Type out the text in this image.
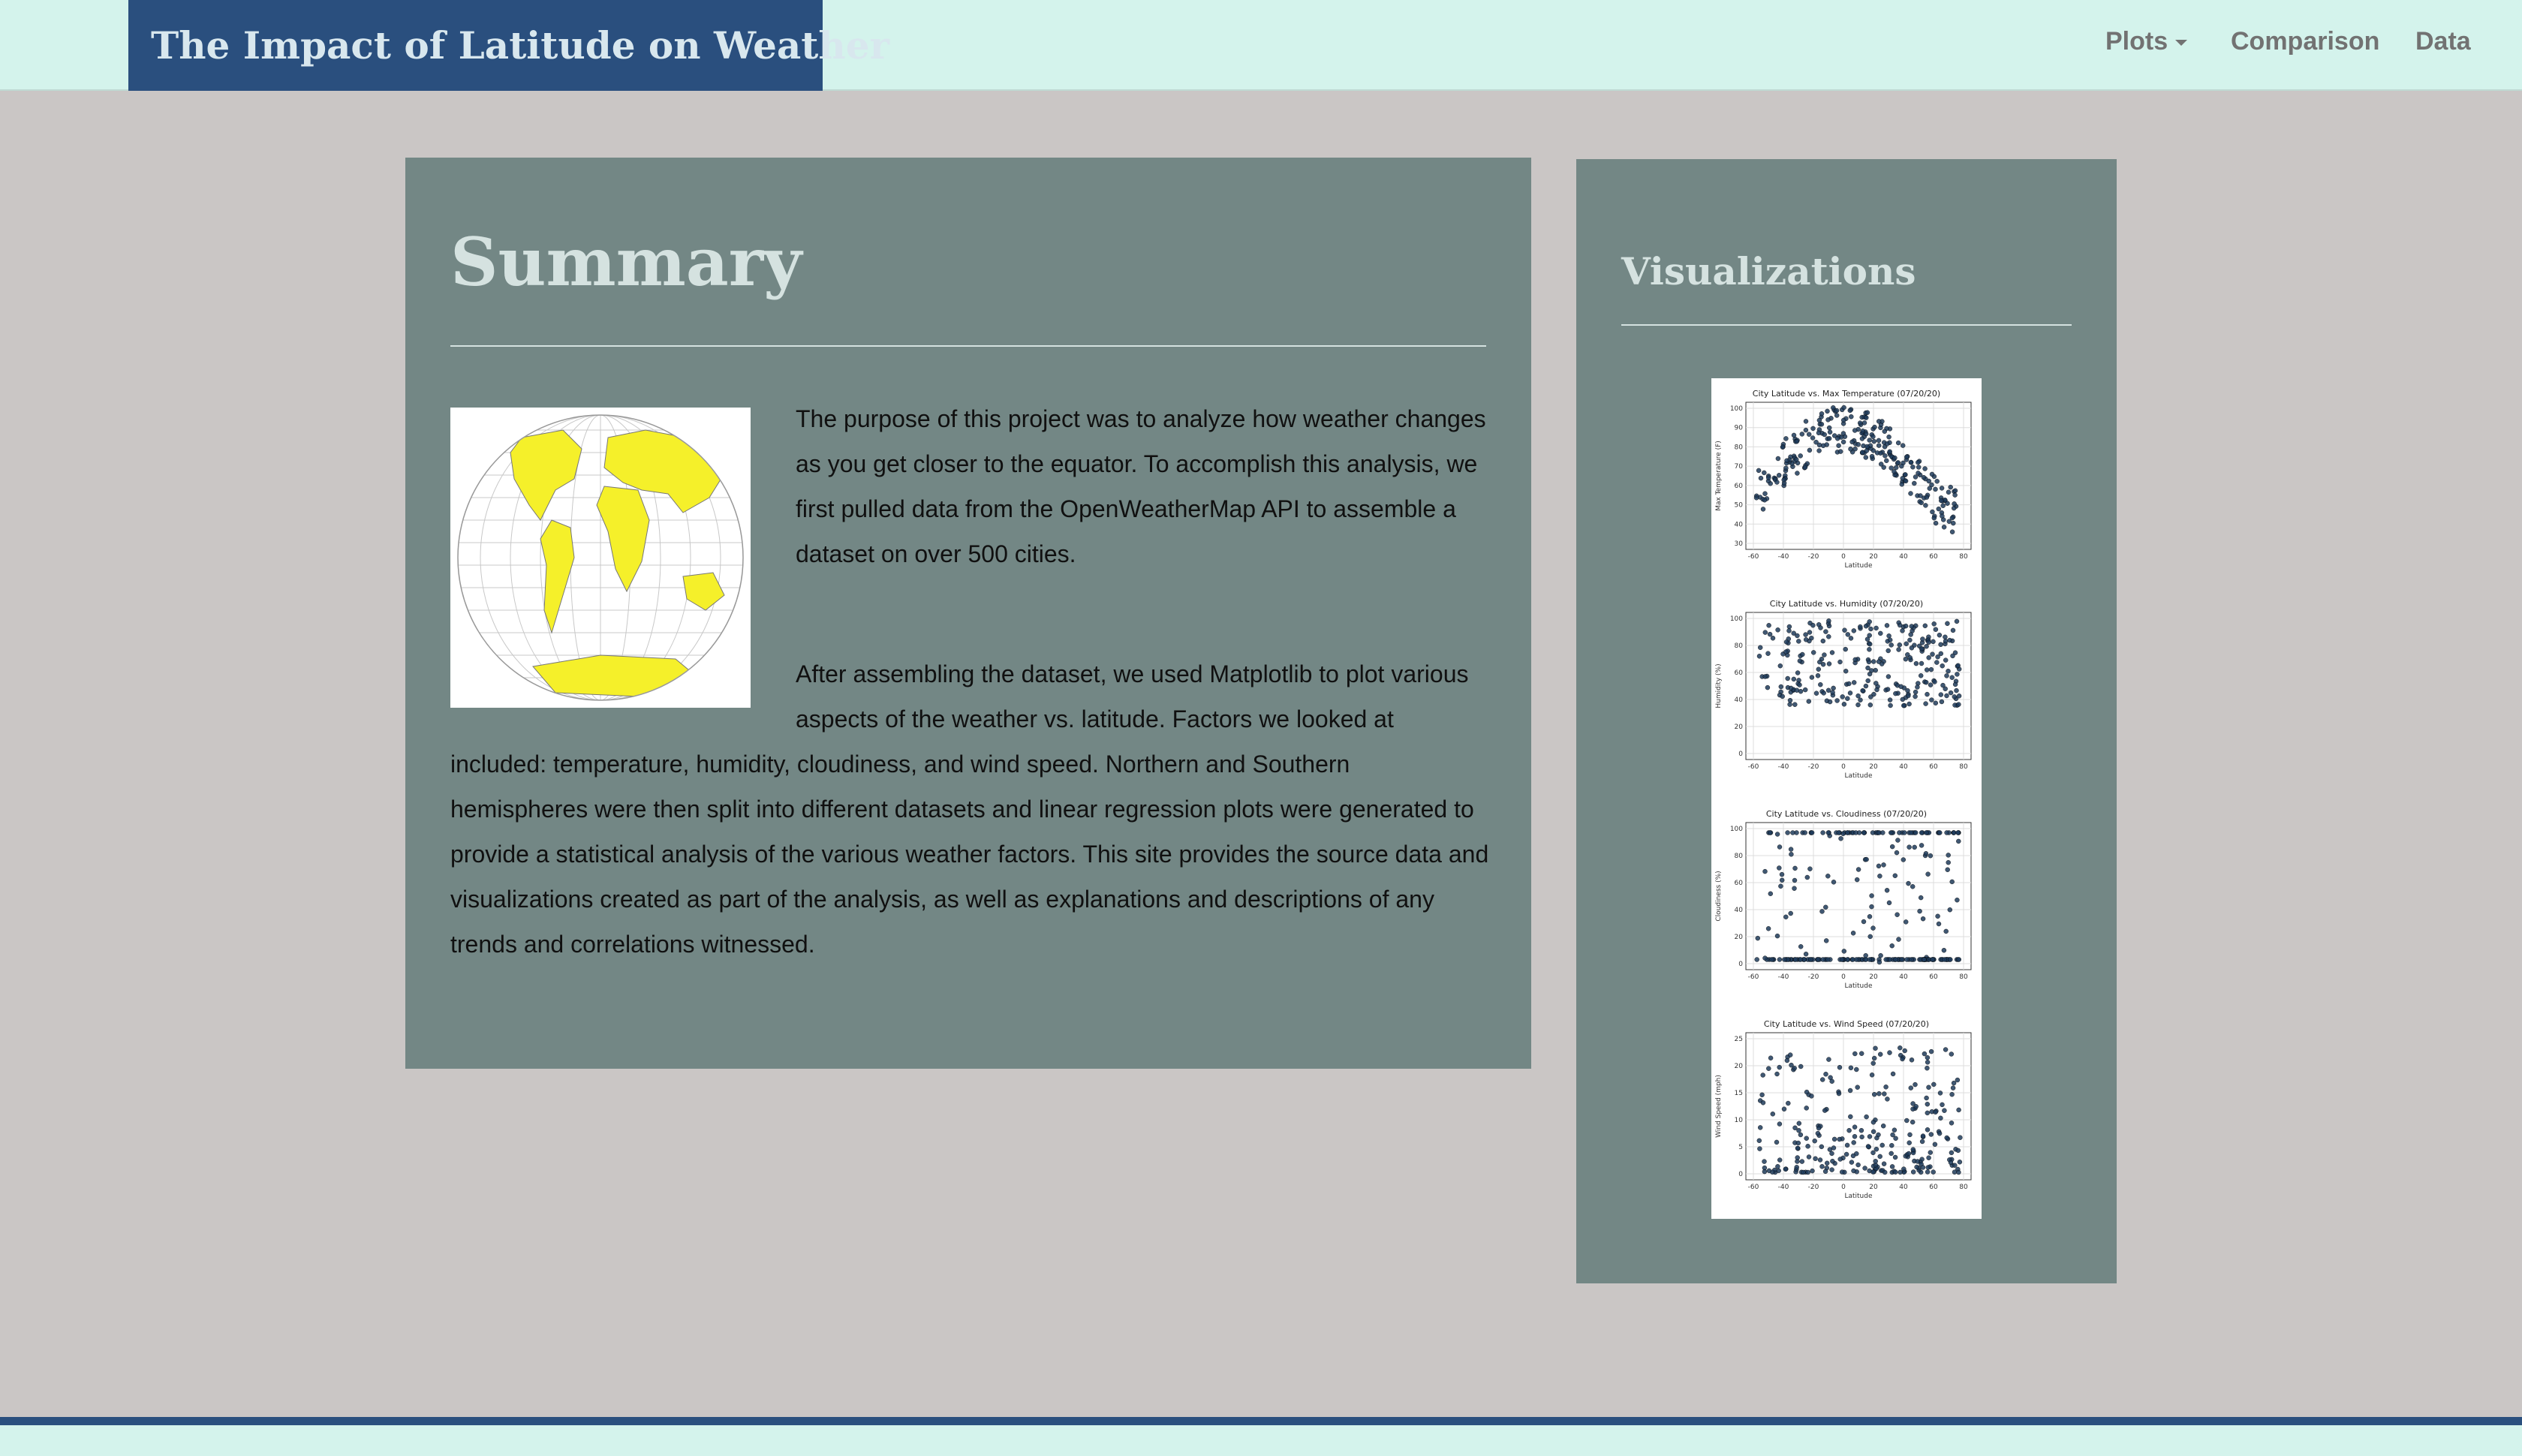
The Impact of Latitude on Weather	Plots	Comparison Data
Summary

The purpose of this project was to analyze how weather changes as you get closer to the equator. To accomplish this analysis, we first pulled data from the OpenWeatherMap API to assemble a dataset on over 500 cities.

After assembling the dataset, we used Matplotlib to plot various aspects of the weather vs. latitude. Factors we looked at included: temperature, humidity, cloudiness, and wind speed. Northern and Southern hemispheres were then split into different datasets and linear regression plots were generated to provide a statistical analysis of the various weather factors. This site provides the source data and visualizations created as part of the analysis, as well as explanations and descriptions of any trends and correlations witnessed.

Visualizations
City Latitude vs. Max Temperature (07/20/20)
-60	-40	-20	0	20	40	60	80
30
40
50
60
70
80
90
100
Latitude
Max Temperature (F)
City Latitude vs. Humidity (07/20/20)
-60	-40	-20	0	20	40	60	80
0
20
40
60
80
100
Latitude
Humidity (%)
City Latitude vs. Cloudiness (07/20/20)
-60	-40	-20	0	20	40	60	80
0
20
40
60
80
100
Latitude
Cloudiness (%)
City Latitude vs. Wind Speed (07/20/20)
-60	-40	-20	0	20	40	60	80
0
5
10
15
20
25
Latitude
Wind Speed (mph)
